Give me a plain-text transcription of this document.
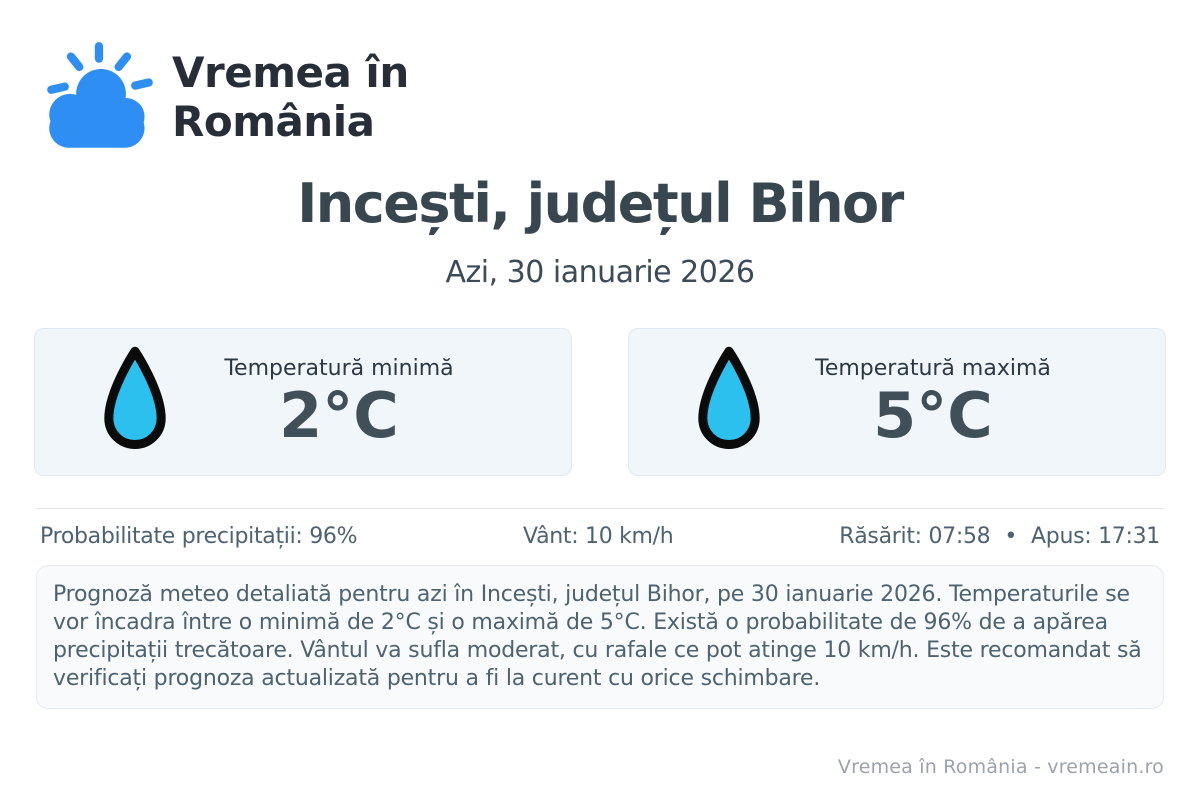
Vremea în
România
Incești, județul Bihor
Azi, 30 ianuarie 2026
Temperatură minimă
2°C
Temperatură maximă
5°C
Probabilitate precipitații: 96%	Vânt: 10 km/h	Răsărit: 07:58 • Apus: 17:31
Prognoză meteo detaliată pentru azi în Incești, județul Bihor, pe 30 ianuarie 2026. Temperaturile se vor încadra între o minimă de 2°C și o maximă de 5°C. Există o probabilitate de 96% de a apărea precipitații trecătoare. Vântul va sufla moderat, cu rafale ce pot atinge 10 km/h. Este recomandat să verificați prognoza actualizată pentru a fi la curent cu orice schimbare.
Vremea în România - vremeain.ro
